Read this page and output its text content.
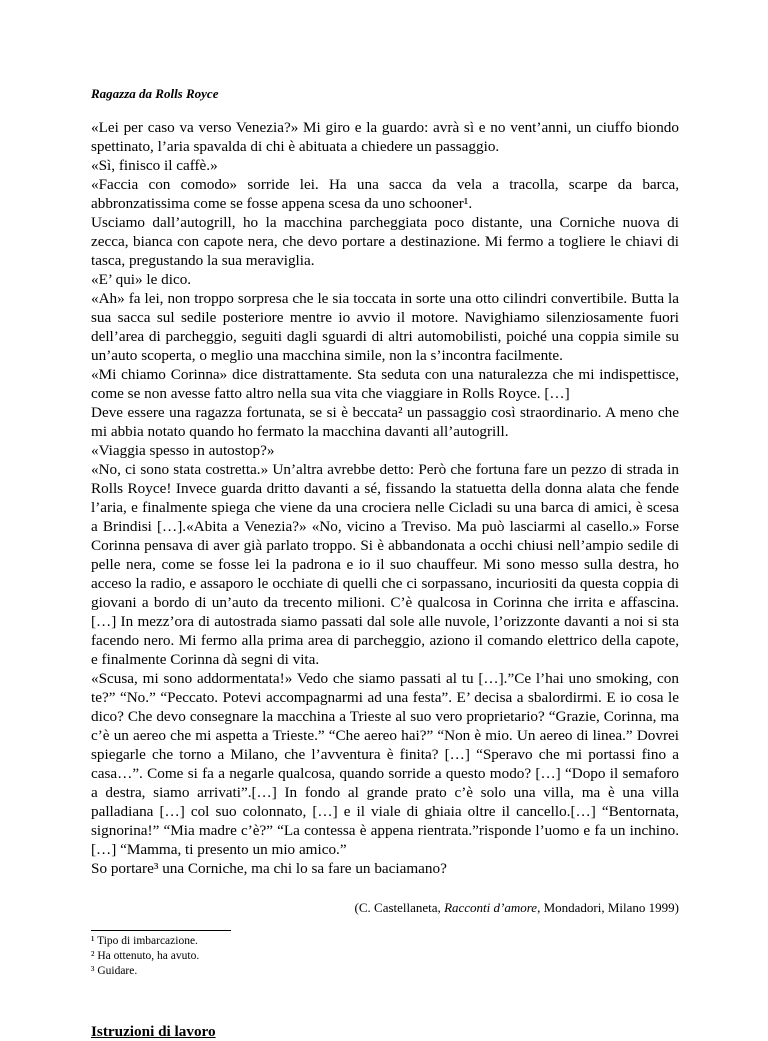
Ragazza da Rolls Royce

«Lei per caso va verso Venezia?» Mi giro e la guardo: avrà sì e no vent’anni, un ciuffo biondo spettinato, l’aria spavalda di chi è abituata a chiedere un passaggio.

«Sì, finisco il caffè.»

«Faccia con comodo» sorride lei. Ha una sacca da vela a tracolla, scarpe da barca, abbronzatissima come se fosse appena scesa da uno schooner¹.

Usciamo dall’autogrill, ho la macchina parcheggiata poco distante, una Corniche nuova di zecca, bianca con capote nera, che devo portare a destinazione. Mi fermo a togliere le chiavi di tasca, pregustando la sua meraviglia.

«E’ qui» le dico.

«Ah» fa lei, non troppo sorpresa che le sia toccata in sorte una otto cilindri convertibile. Butta la sua sacca sul sedile posteriore mentre io avvio il motore. Navighiamo silenziosamente fuori dell’area di parcheggio, seguiti dagli sguardi di altri automobilisti, poiché una coppia simile su un’auto scoperta, o meglio una macchina simile, non la s’incontra facilmente.

«Mi chiamo Corinna» dice distrattamente. Sta seduta con una naturalezza che mi indispettisce, come se non avesse fatto altro nella sua vita che viaggiare in Rolls Royce. […]

Deve essere una ragazza fortunata, se si è beccata² un passaggio così straordinario. A meno che mi abbia notato quando ho fermato la macchina davanti all’autogrill.

«Viaggia spesso in autostop?»

«No, ci sono stata costretta.» Un’altra avrebbe detto: Però che fortuna fare un pezzo di strada in Rolls Royce! Invece guarda dritto davanti a sé, fissando la statuetta della donna alata che fende l’aria, e finalmente spiega che viene da una crociera nelle Cicladi su una barca di amici, è scesa a Brindisi […].«Abita a Venezia?» «No, vicino a Treviso. Ma può lasciarmi al casello.» Forse Corinna pensava di aver già parlato troppo. Si è abbandonata a occhi chiusi nell’ampio sedile di pelle nera, come se fosse lei la padrona e io il suo chauffeur. Mi sono messo sulla destra, ho acceso la radio, e assaporo le occhiate di quelli che ci sorpassano, incuriositi da questa coppia di giovani a bordo di un’auto da trecento milioni. C’è qualcosa in Corinna che irrita e affascina.[…] In mezz’ora di autostrada siamo passati dal sole alle nuvole, l’orizzonte davanti a noi si sta facendo nero. Mi fermo alla prima area di parcheggio, aziono il comando elettrico della capote, e finalmente Corinna dà segni di vita.

«Scusa, mi sono addormentata!» Vedo che siamo passati al tu […].”Ce l’hai uno smoking, con te?” “No.” “Peccato. Potevi accompagnarmi ad una festa”. E’ decisa a sbalordirmi. E io cosa le dico? Che devo consegnare la macchina a Trieste al suo vero proprietario? “Grazie, Corinna, ma c’è un aereo che mi aspetta a Trieste.” “Che aereo hai?” “Non è mio. Un aereo di linea.” Dovrei spiegarle che torno a Milano, che l’avventura è finita? […] “Speravo che mi portassi fino a casa…”. Come si fa a negarle qualcosa, quando sorride a questo modo? […] “Dopo il semaforo a destra, siamo arrivati”.[…] In fondo al grande prato c’è solo una villa, ma è una villa palladiana […] col suo colonnato, […] e il viale di ghiaia oltre il cancello.[…] “Bentornata, signorina!” “Mia madre c’è?” “La contessa è appena rientrata.”risponde l’uomo e fa un inchino. […] “Mamma, ti presento un mio amico.”

So portare³ una Corniche, ma chi lo sa fare un baciamano?

(C. Castellaneta, Racconti d’amore, Mondadori, Milano 1999)
¹ Tipo di imbarcazione.
² Ha ottenuto, ha avuto.
³ Guidare.
Istruzioni di lavoro
